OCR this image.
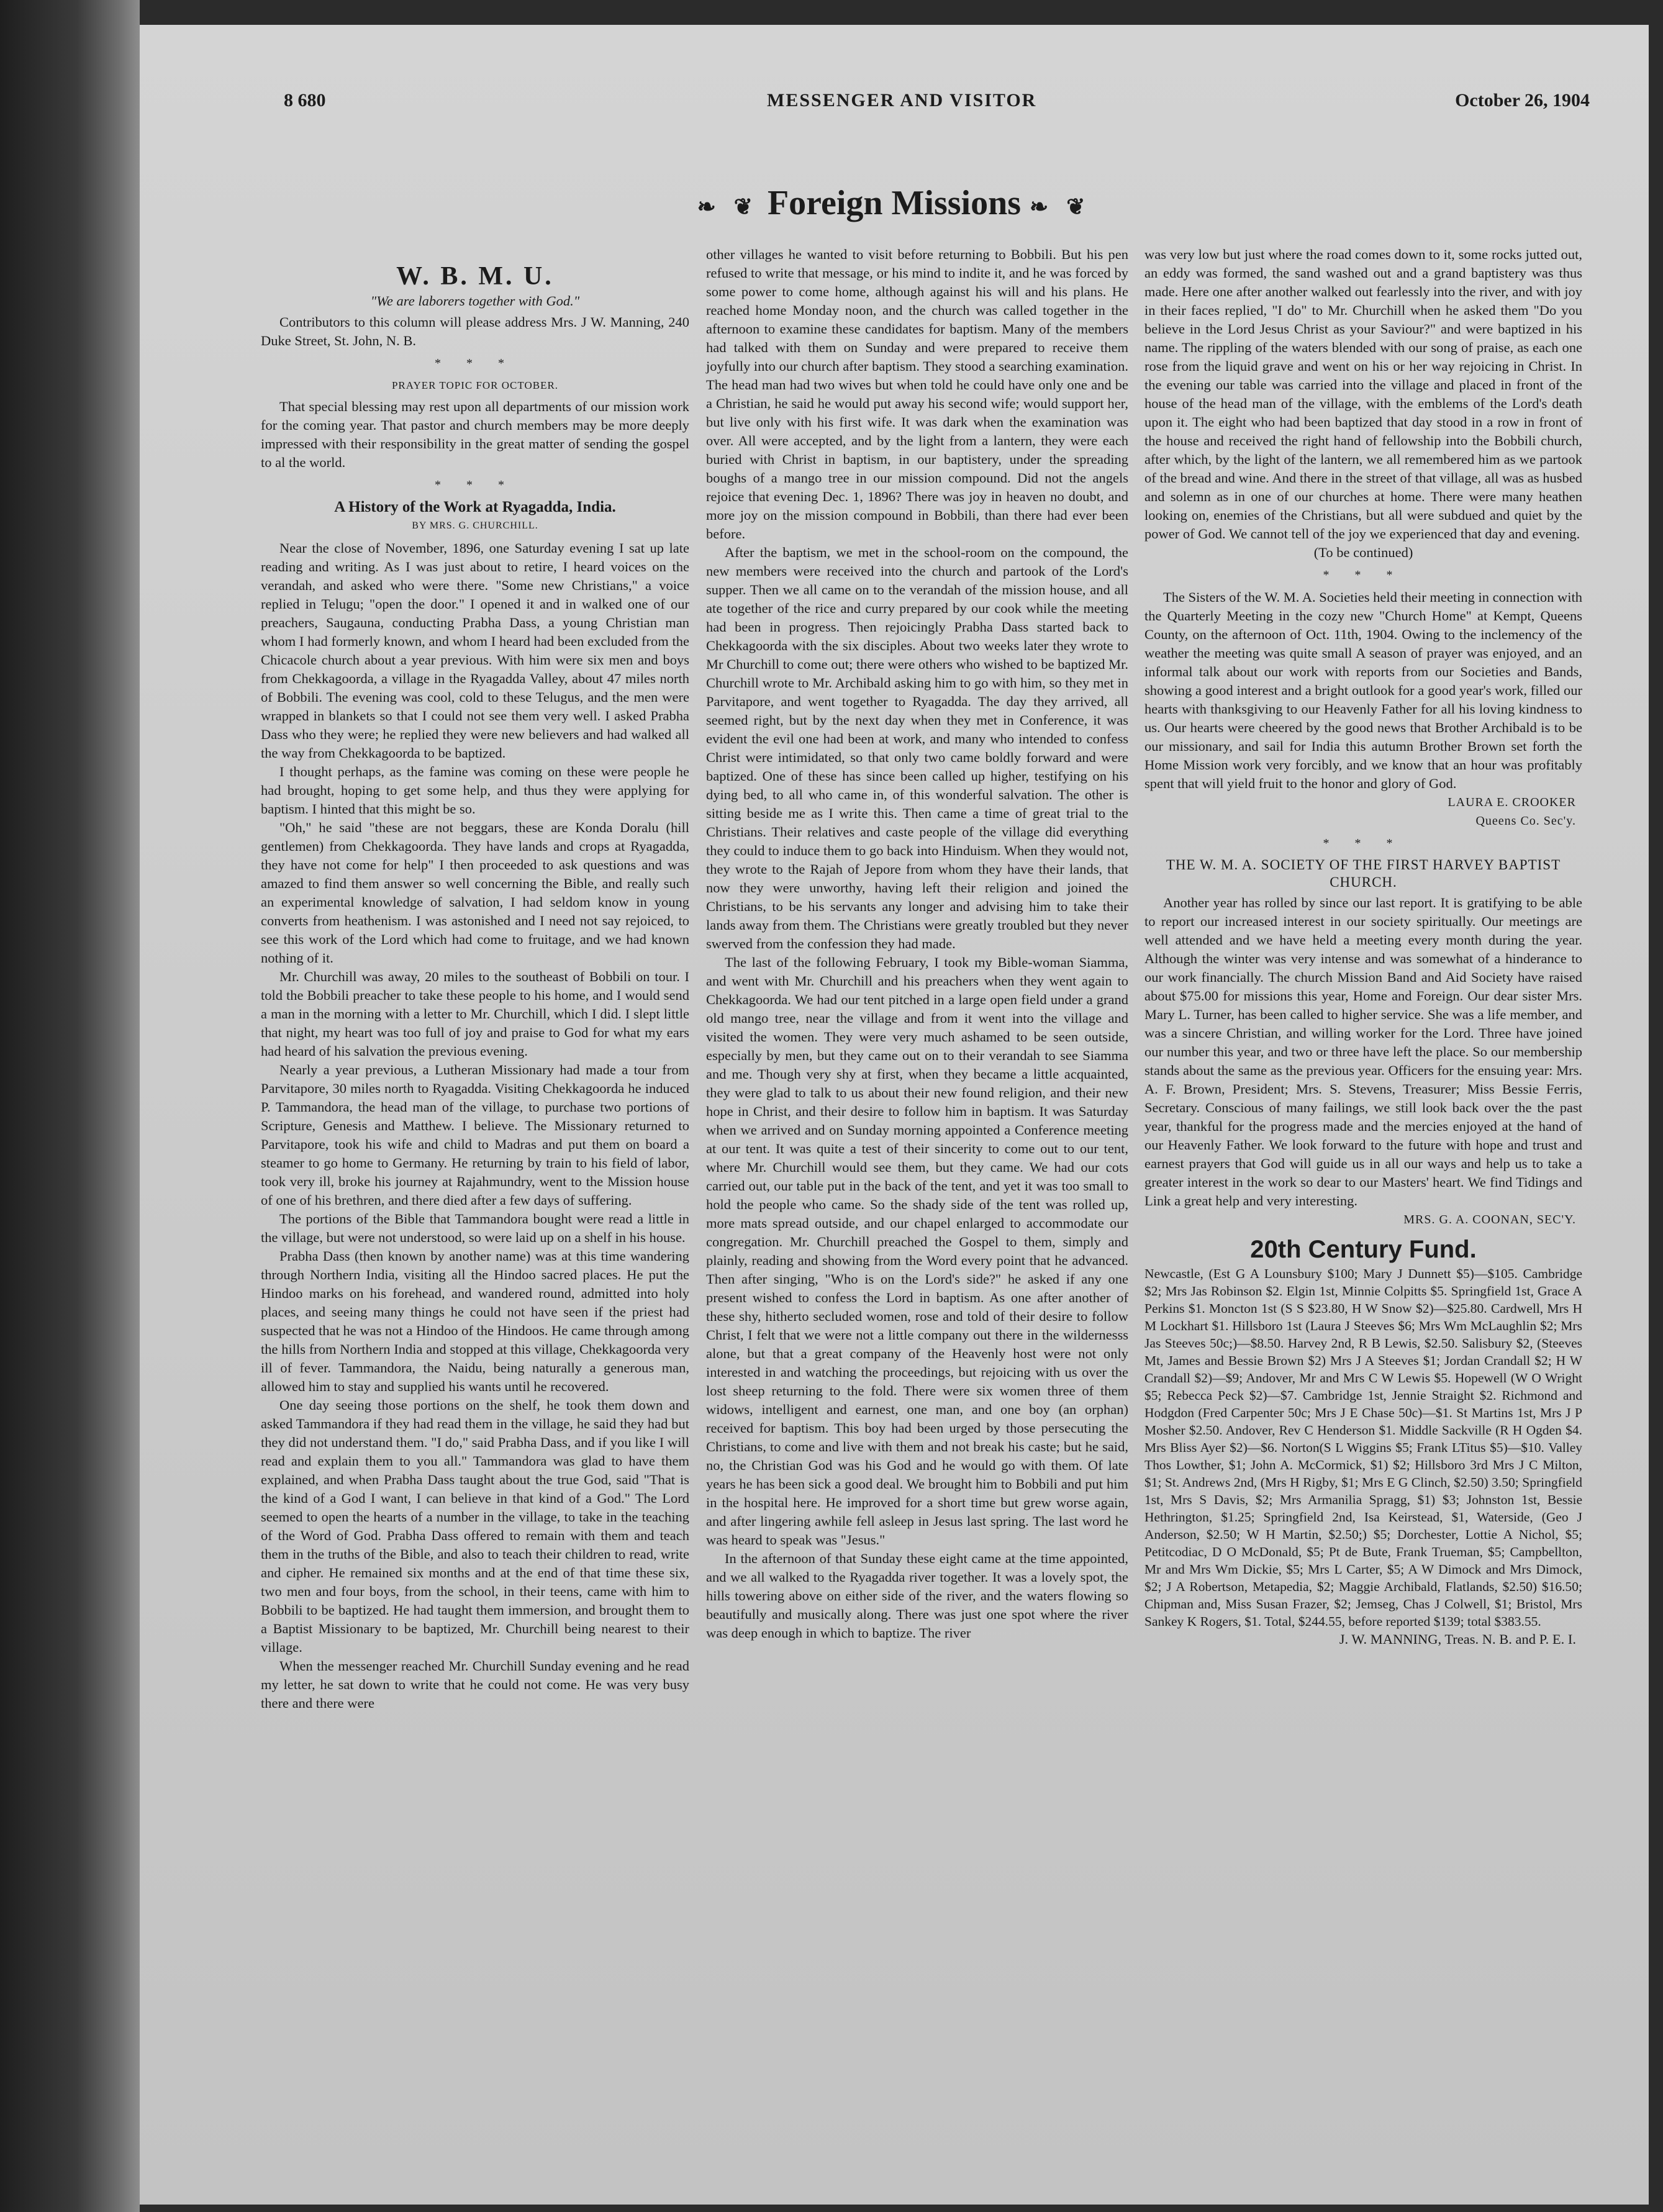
8 680	MESSENGER AND VISITOR	October 26, 1904
❧ ❦ Foreign Missions ❧ ❦
W. B. M. U.
"We are laborers together with God."

Contributors to this column will please address Mrs. J W. Manning, 240 Duke Street, St. John, N. B.

* * *
PRAYER TOPIC FOR OCTOBER.

That special blessing may rest upon all departments of our mission work for the coming year. That pastor and church members may be more deeply impressed with their responsibility in the great matter of sending the gospel to al the world.

* * *
A History of the Work at Ryagadda, India.
BY MRS. G. CHURCHILL.

Near the close of November, 1896, one Saturday evening I sat up late reading and writing. As I was just about to retire, I heard voices on the verandah, and asked who were there. "Some new Christians," a voice replied in Telugu; "open the door." I opened it and in walked one of our preachers, Saugauna, conducting Prabha Dass, a young Christian man whom I had formerly known, and whom I heard had been excluded from the Chicacole church about a year previous. With him were six men and boys from Chekkagoorda, a village in the Ryagadda Valley, about 47 miles north of Bobbili. The evening was cool, cold to these Telugus, and the men were wrapped in blankets so that I could not see them very well. I asked Prabha Dass who they were; he replied they were new believers and had walked all the way from Chekkagoorda to be baptized.

I thought perhaps, as the famine was coming on these were people he had brought, hoping to get some help, and thus they were applying for baptism. I hinted that this might be so.

"Oh," he said "these are not beggars, these are Konda Doralu (hill gentlemen) from Chekkagoorda. They have lands and crops at Ryagadda, they have not come for help" I then proceeded to ask questions and was amazed to find them answer so well concerning the Bible, and really such an experimental knowledge of salvation, I had seldom know in young converts from heathenism. I was astonished and I need not say rejoiced, to see this work of the Lord which had come to fruitage, and we had known nothing of it.

Mr. Churchill was away, 20 miles to the southeast of Bobbili on tour. I told the Bobbili preacher to take these people to his home, and I would send a man in the morning with a letter to Mr. Churchill, which I did. I slept little that night, my heart was too full of joy and praise to God for what my ears had heard of his salvation the previous evening.

Nearly a year previous, a Lutheran Missionary had made a tour from Parvitapore, 30 miles north to Ryagadda. Visiting Chekkagoorda he induced P. Tammandora, the head man of the village, to purchase two portions of Scripture, Genesis and Matthew. I believe. The Missionary returned to Parvitapore, took his wife and child to Madras and put them on board a steamer to go home to Germany. He returning by train to his field of labor, took very ill, broke his journey at Rajahmundry, went to the Mission house of one of his brethren, and there died after a few days of suffering.

The portions of the Bible that Tammandora bought were read a little in the village, but were not understood, so were laid up on a shelf in his house.

Prabha Dass (then known by another name) was at this time wandering through Northern India, visiting all the Hindoo sacred places. He put the Hindoo marks on his forehead, and wandered round, admitted into holy places, and seeing many things he could not have seen if the priest had suspected that he was not a Hindoo of the Hindoos. He came through among the hills from Northern India and stopped at this village, Chekkagoorda very ill of fever. Tammandora, the Naidu, being naturally a generous man, allowed him to stay and supplied his wants until he recovered.

One day seeing those portions on the shelf, he took them down and asked Tammandora if they had read them in the village, he said they had but they did not understand them. "I do," said Prabha Dass, and if you like I will read and explain them to you all." Tammandora was glad to have them explained, and when Prabha Dass taught about the true God, said "That is the kind of a God I want, I can believe in that kind of a God." The Lord seemed to open the hearts of a number in the village, to take in the teaching of the Word of God. Prabha Dass offered to remain with them and teach them in the truths of the Bible, and also to teach their children to read, write and cipher. He remained six months and at the end of that time these six, two men and four boys, from the school, in their teens, came with him to Bobbili to be baptized. He had taught them immersion, and brought them to a Baptist Missionary to be baptized, Mr. Churchill being nearest to their village.

When the messenger reached Mr. Churchill Sunday evening and he read my letter, he sat down to write that he could not come. He was very busy there and there were

other villages he wanted to visit before returning to Bobbili. But his pen refused to write that message, or his mind to indite it, and he was forced by some power to come home, although against his will and his plans. He reached home Monday noon, and the church was called together in the afternoon to examine these candidates for baptism. Many of the members had talked with them on Sunday and were prepared to receive them joyfully into our church after baptism. They stood a searching examination. The head man had two wives but when told he could have only one and be a Christian, he said he would put away his second wife; would support her, but live only with his first wife. It was dark when the examination was over. All were accepted, and by the light from a lantern, they were each buried with Christ in baptism, in our baptistery, under the spreading boughs of a mango tree in our mission compound. Did not the angels rejoice that evening Dec. 1, 1896? There was joy in heaven no doubt, and more joy on the mission compound in Bobbili, than there had ever been before.

After the baptism, we met in the school-room on the compound, the new members were received into the church and partook of the Lord's supper. Then we all came on to the verandah of the mission house, and all ate together of the rice and curry prepared by our cook while the meeting had been in progress. Then rejoicingly Prabha Dass started back to Chekkagoorda with the six disciples. About two weeks later they wrote to Mr Churchill to come out; there were others who wished to be baptized Mr. Churchill wrote to Mr. Archibald asking him to go with him, so they met in Parvitapore, and went together to Ryagadda. The day they arrived, all seemed right, but by the next day when they met in Conference, it was evident the evil one had been at work, and many who intended to confess Christ were intimidated, so that only two came boldly forward and were baptized. One of these has since been called up higher, testifying on his dying bed, to all who came in, of this wonderful salvation. The other is sitting beside me as I write this. Then came a time of great trial to the Christians. Their relatives and caste people of the village did everything they could to induce them to go back into Hinduism. When they would not, they wrote to the Rajah of Jepore from whom they have their lands, that now they were unworthy, having left their religion and joined the Christians, to be his servants any longer and advising him to take their lands away from them. The Christians were greatly troubled but they never swerved from the confession they had made.

The last of the following February, I took my Bible-woman Siamma, and went with Mr. Churchill and his preachers when they went again to Chekkagoorda. We had our tent pitched in a large open field under a grand old mango tree, near the village and from it went into the village and visited the women. They were very much ashamed to be seen outside, especially by men, but they came out on to their verandah to see Siamma and me. Though very shy at first, when they became a little acquainted, they were glad to talk to us about their new found religion, and their new hope in Christ, and their desire to follow him in baptism. It was Saturday when we arrived and on Sunday morning appointed a Conference meeting at our tent. It was quite a test of their sincerity to come out to our tent, where Mr. Churchill would see them, but they came. We had our cots carried out, our table put in the back of the tent, and yet it was too small to hold the people who came. So the shady side of the tent was rolled up, more mats spread outside, and our chapel enlarged to accommodate our congregation. Mr. Churchill preached the Gospel to them, simply and plainly, reading and showing from the Word every point that he advanced. Then after singing, "Who is on the Lord's side?" he asked if any one present wished to confess the Lord in baptism. As one after another of these shy, hitherto secluded women, rose and told of their desire to follow Christ, I felt that we were not a little company out there in the wildernesss alone, but that a great company of the Heavenly host were not only interested in and watching the proceedings, but rejoicing with us over the lost sheep returning to the fold. There were six women three of them widows, intelligent and earnest, one man, and one boy (an orphan) received for baptism. This boy had been urged by those persecuting the Christians, to come and live with them and not break his caste; but he said, no, the Christian God was his God and he would go with them. Of late years he has been sick a good deal. We brought him to Bobbili and put him in the hospital here. He improved for a short time but grew worse again, and after lingering awhile fell asleep in Jesus last spring. The last word he was heard to speak was "Jesus."

In the afternoon of that Sunday these eight came at the time appointed, and we all walked to the Ryagadda river together. It was a lovely spot, the hills towering above on either side of the river, and the waters flowing so beautifully and musically along. There was just one spot where the river was deep enough in which to baptize. The river

was very low but just where the road comes down to it, some rocks jutted out, an eddy was formed, the sand washed out and a grand baptistery was thus made. Here one after another walked out fearlessly into the river, and with joy in their faces replied, "I do" to Mr. Churchill when he asked them "Do you believe in the Lord Jesus Christ as your Saviour?" and were baptized in his name. The rippling of the waters blended with our song of praise, as each one rose from the liquid grave and went on his or her way rejoicing in Christ. In the evening our table was carried into the village and placed in front of the house of the head man of the village, with the emblems of the Lord's death upon it. The eight who had been baptized that day stood in a row in front of the house and received the right hand of fellowship into the Bobbili church, after which, by the light of the lantern, we all remembered him as we partook of the bread and wine. And there in the street of that village, all was as husbed and solemn as in one of our churches at home. There were many heathen looking on, enemies of the Christians, but all were subdued and quiet by the power of God. We cannot tell of the joy we experienced that day and evening.

(To be continued)

* * *

The Sisters of the W. M. A. Societies held their meeting in connection with the Quarterly Meeting in the cozy new "Church Home" at Kempt, Queens County, on the afternoon of Oct. 11th, 1904. Owing to the inclemency of the weather the meeting was quite small A season of prayer was enjoyed, and an informal talk about our work with reports from our Societies and Bands, showing a good interest and a bright outlook for a good year's work, filled our hearts with thanksgiving to our Heavenly Father for all his loving kindness to us. Our hearts were cheered by the good news that Brother Archibald is to be our missionary, and sail for India this autumn Brother Brown set forth the Home Mission work very forcibly, and we know that an hour was profitably spent that will yield fruit to the honor and glory of God.

LAURA E. CROOKER
Queens Co. Sec'y.
* * *
THE W. M. A. SOCIETY OF THE FIRST HARVEY BAPTIST CHURCH.

Another year has rolled by since our last report. It is gratifying to be able to report our increased interest in our society spiritually. Our meetings are well attended and we have held a meeting every month during the year. Although the winter was very intense and was somewhat of a hinderance to our work financially. The church Mission Band and Aid Society have raised about $75.00 for missions this year, Home and Foreign. Our dear sister Mrs. Mary L. Turner, has been called to higher service. She was a life member, and was a sincere Christian, and willing worker for the Lord. Three have joined our number this year, and two or three have left the place. So our membership stands about the same as the previous year. Officers for the ensuing year: Mrs. A. F. Brown, President; Mrs. S. Stevens, Treasurer; Miss Bessie Ferris, Secretary. Conscious of many failings, we still look back over the the past year, thankful for the progress made and the mercies enjoyed at the hand of our Heavenly Father. We look forward to the future with hope and trust and earnest prayers that God will guide us in all our ways and help us to take a greater interest in the work so dear to our Masters' heart. We find Tidings and Link a great help and very interesting.

MRS. G. A. COONAN, SEC'Y.
20th Century Fund.

Newcastle, (Est G A Lounsbury $100; Mary J Dunnett $5)—$105. Cambridge $2; Mrs Jas Robinson $2. Elgin 1st, Minnie Colpitts $5. Springfield 1st, Grace A Perkins $1. Moncton 1st (S S $23.80, H W Snow $2)—$25.80. Cardwell, Mrs H M Lockhart $1. Hillsboro 1st (Laura J Steeves $6; Mrs Wm McLaughlin $2; Mrs Jas Steeves 50c;)—$8.50. Harvey 2nd, R B Lewis, $2.50. Salisbury $2, (Steeves Mt, James and Bessie Brown $2) Mrs J A Steeves $1; Jordan Crandall $2; H W Crandall $2)—$9; Andover, Mr and Mrs C W Lewis $5. Hopewell (W O Wright $5; Rebecca Peck $2)—$7. Cambridge 1st, Jennie Straight $2. Richmond and Hodgdon (Fred Carpenter 50c; Mrs J E Chase 50c)—$1. St Martins 1st, Mrs J P Mosher $2.50. Andover, Rev C Henderson $1. Middle Sackville (R H Ogden $4. Mrs Bliss Ayer $2)—$6. Norton(S L Wiggins $5; Frank LTitus $5)—$10. Valley Thos Lowther, $1; John A. McCormick, $1) $2; Hillsboro 3rd Mrs J C Milton, $1; St. Andrews 2nd, (Mrs H Rigby, $1; Mrs E G Clinch, $2.50) 3.50; Springfield 1st, Mrs S Davis, $2; Mrs Armanilia Spragg, $1) $3; Johnston 1st, Bessie Hethrington, $1.25; Springfield 2nd, Isa Keirstead, $1, Waterside, (Geo J Anderson, $2.50; W H Martin, $2.50;) $5; Dorchester, Lottie A Nichol, $5; Petitcodiac, D O McDonald, $5; Pt de Bute, Frank Trueman, $5; Campbellton, Mr and Mrs Wm Dickie, $5; Mrs L Carter, $5; A W Dimock and Mrs Dimock, $2; J A Robertson, Metapedia, $2; Maggie Archibald, Flatlands, $2.50) $16.50; Chipman and, Miss Susan Frazer, $2; Jemseg, Chas J Colwell, $1; Bristol, Mrs Sankey K Rogers, $1. Total, $244.55, before reported $139; total $383.55.

J. W. MANNING, Treas. N. B. and P. E. I.
